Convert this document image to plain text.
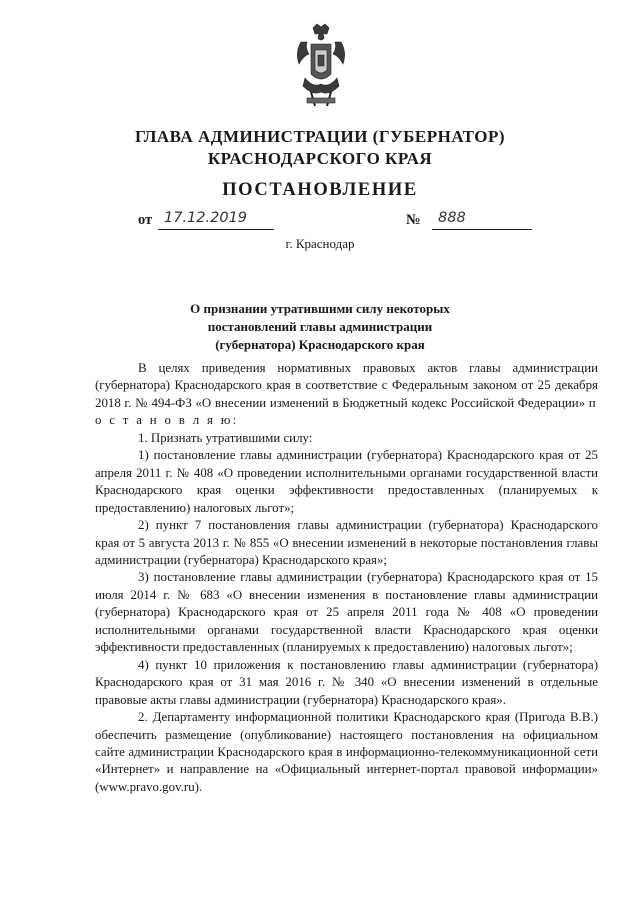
ГЛАВА АДМИНИСТРАЦИИ (ГУБЕРНАТОР)
КРАСНОДАРСКОГО КРАЯ
ПОСТАНОВЛЕНИЕ
от 17.12.2019	№	888
г. Краснодар
О признании утратившими силу некоторых
постановлений главы администрации
(губернатора) Краснодарского края

В целях приведения нормативных правовых актов главы администрации (губернатора) Краснодарского края в соответствие с Федеральным законом от 25 декабря 2018 г. № 494-ФЗ «О внесении изменений в Бюджетный кодекс Российской Федерации» п о с т а н о в л я ю:

1. Признать утратившими силу:

1) постановление главы администрации (губернатора) Краснодарского края от 25 апреля 2011 г. № 408 «О проведении исполнительными органами государственной власти Краснодарского края оценки эффективности предоставленных (планируемых к предоставлению) налоговых льгот»;

2) пункт 7 постановления главы администрации (губернатора) Краснодарского края от 5 августа 2013 г. № 855 «О внесении изменений в некоторые постановления главы администрации (губернатора) Краснодарского края»;

3) постановление главы администрации (губернатора) Краснодарского края от 15 июля 2014 г. № 683 «О внесении изменения в постановление главы администрации (губернатора) Краснодарского края от 25 апреля 2011 года № 408 «О проведении исполнительными органами государственной власти Краснодарского края оценки эффективности предоставленных (планируемых к предоставлению) налоговых льгот»;

4) пункт 10 приложения к постановлению главы администрации (губернатора) Краснодарского края от 31 мая 2016 г. № 340 «О внесении изменений в отдельные правовые акты главы администрации (губернатора) Краснодарского края».

2. Департаменту информационной политики Краснодарского края (Пригода В.В.) обеспечить размещение (опубликование) настоящего постановления на официальном сайте администрации Краснодарского края в информационно-телекоммуникационной сети «Интернет» и направление на «Официальный интернет-портал правовой информации» (www.pravo.gov.ru).
